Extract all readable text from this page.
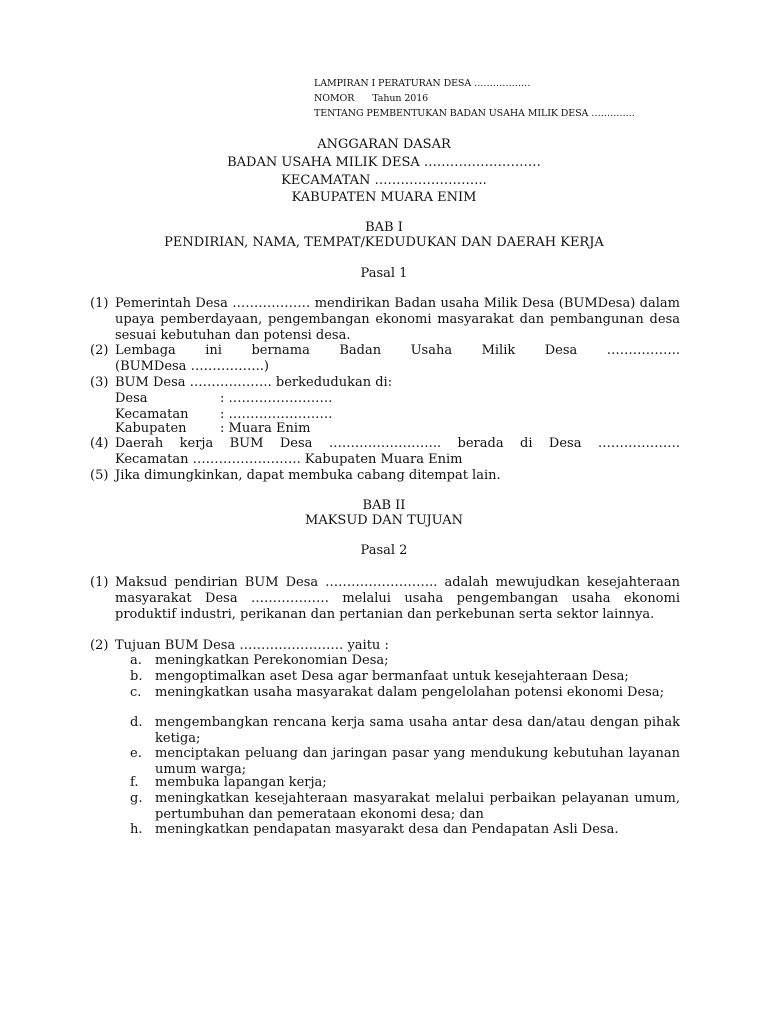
LAMPIRAN I PERATURAN DESA ………………
NOMOR Tahun 2016
TENTANG PEMBENTUKAN BADAN USAHA MILIK DESA …………..
ANGGARAN DASAR
BADAN USAHA MILIK DESA ………………………
KECAMATAN ……………………..
KABUPATEN MUARA ENIM
BAB I
PENDIRIAN, NAMA, TEMPAT/KEDUDUKAN DAN DAERAH KERJA
Pasal 1
(1) Pemerintah Desa ……………… mendirikan Badan usaha Milik Desa (BUMDesa) dalam upaya pemberdayaan, pengembangan ekonomi masyarakat dan pembangunan desa sesuai kebutuhan dan potensi desa.
(2) Lembaga ini bernama Badan Usaha Milik Desa ……………..
(BUMDesa ……………..)
(3) BUM Desa ………………. berkedudukan di:
Desa	: ……………………
Kecamatan : ……………………
Kabupaten	: Muara Enim
(4) Daerah kerja BUM Desa …………………….. berada di Desa ……………….
Kecamatan ……………………. Kabupaten Muara Enim
(5) Jika dimungkinkan, dapat membuka cabang ditempat lain.
BAB II
MAKSUD DAN TUJUAN
Pasal 2
(1) Maksud pendirian BUM Desa …………………….. adalah mewujudkan kesejahteraan masyarakat Desa ……………… melalui usaha pengembangan usaha ekonomi produktif industri, perikanan dan pertanian dan perkebunan serta sektor lainnya.
(2) Tujuan BUM Desa …………………… yaitu :
a. meningkatkan Perekonomian Desa;
b. mengoptimalkan aset Desa agar bermanfaat untuk kesejahteraan Desa;
c. meningkatkan usaha masyarakat dalam pengelolahan potensi ekonomi Desa;
d. mengembangkan rencana kerja sama usaha antar desa dan/atau dengan pihak ketiga;
e. menciptakan peluang dan jaringan pasar yang mendukung kebutuhan layanan umum warga;
f. membuka lapangan kerja;
g. meningkatkan kesejahteraan masyarakat melalui perbaikan pelayanan umum, pertumbuhan dan pemerataan ekonomi desa; dan
h. meningkatkan pendapatan masyarakt desa dan Pendapatan Asli Desa.
